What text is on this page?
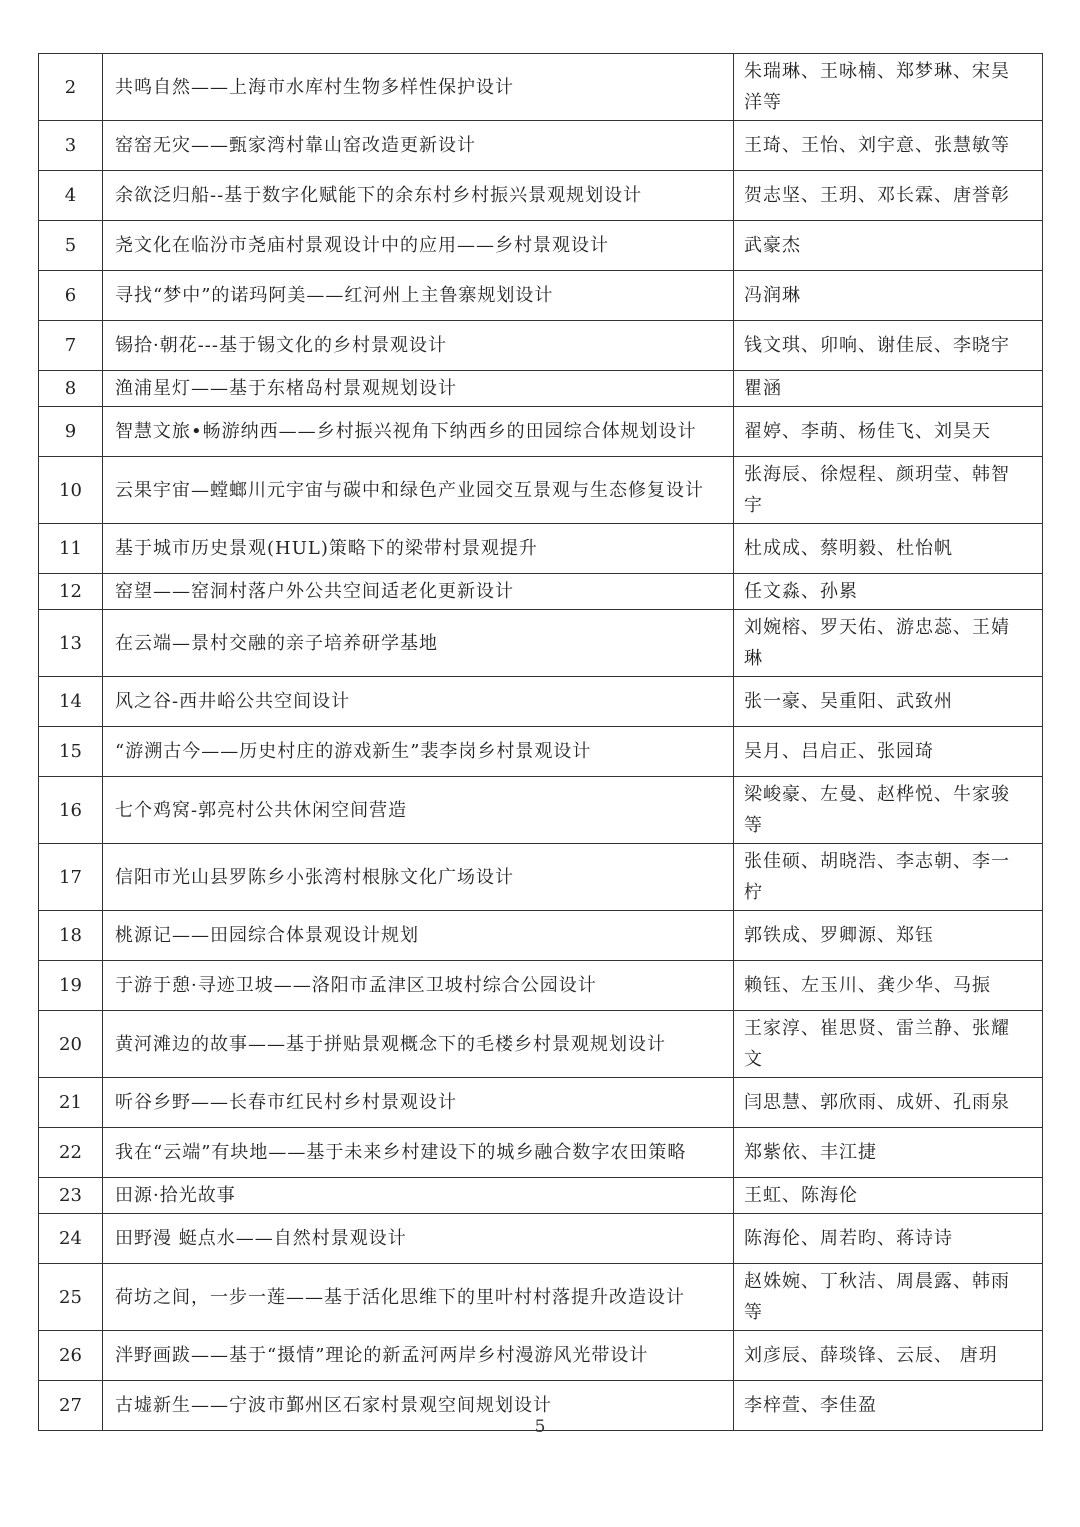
2	共鸣自然——上海市水库村生物多样性保护设计	朱瑞琳、王咏楠、郑梦琳、宋昊洋等
3	窑窑无灾——甄家湾村靠山窑改造更新设计	王琦、王怡、刘宇意、张慧敏等
4	余欲泛归船--基于数字化赋能下的余东村乡村振兴景观规划设计	贺志坚、王玥、邓长霖、唐誉彰
5	尧文化在临汾市尧庙村景观设计中的应用——乡村景观设计	武豪杰
6	寻找“梦中”的诺玛阿美——红河州上主鲁寨规划设计	冯润琳
7	锡拾·朝花---基于锡文化的乡村景观设计	钱文琪、卯响、谢佳辰、李晓宇
8	渔浦星灯——基于东楮岛村景观规划设计	瞿涵
9	智慧文旅•畅游纳西——乡村振兴视角下纳西乡的田园综合体规划设计	翟婷、李萌、杨佳飞、刘昊天
10	云果宇宙—螳螂川元宇宙与碳中和绿色产业园交互景观与生态修复设计	张海辰、徐煜程、颜玥莹、韩智宇
11	基于城市历史景观(HUL)策略下的梁带村景观提升	杜成成、蔡明毅、杜怡帆
12	窑望——窑洞村落户外公共空间适老化更新设计	任文淼、孙累
13	在云端—景村交融的亲子培养研学基地	刘婉榕、罗天佑、游忠蕊、王婧琳
14	风之谷-西井峪公共空间设计	张一豪、吴重阳、武致州
15	“游溯古今——历史村庄的游戏新生”裴李岗乡村景观设计	吴月、吕启正、张园琦
16	七个鸡窝-郭亮村公共休闲空间营造	梁峻豪、左曼、赵桦悦、牛家骏等
17	信阳市光山县罗陈乡小张湾村根脉文化广场设计	张佳硕、胡晓浩、李志朝、李一柠
18	桃源记——田园综合体景观设计规划	郭铁成、罗卿源、郑钰
19	于游于憩·寻迹卫坡——洛阳市孟津区卫坡村综合公园设计	赖钰、左玉川、龚少华、马振
20	黄河滩边的故事——基于拼贴景观概念下的毛楼乡村景观规划设计	王家淳、崔思贤、雷兰静、张耀文
21	听谷乡野——长春市红民村乡村景观设计	闫思慧、郭欣雨、成妍、孔雨泉
22	我在“云端”有块地——基于未来乡村建设下的城乡融合数字农田策略	郑紫依、丰江捷
23	田源·拾光故事	王虹、陈海伦
24	田野漫 蜓点水——自然村景观设计	陈海伦、周若昀、蒋诗诗
25	荷坊之间，一步一莲——基于活化思维下的里叶村村落提升改造设计	赵姝婉、丁秋洁、周晨露、韩雨等
26	泮野画跋——基于“摄情”理论的新孟河两岸乡村漫游风光带设计	刘彦辰、薛琰锋、云辰、 唐玥
27	古墟新生——宁波市鄞州区石家村景观空间规划设计	李梓萱、李佳盈
5
